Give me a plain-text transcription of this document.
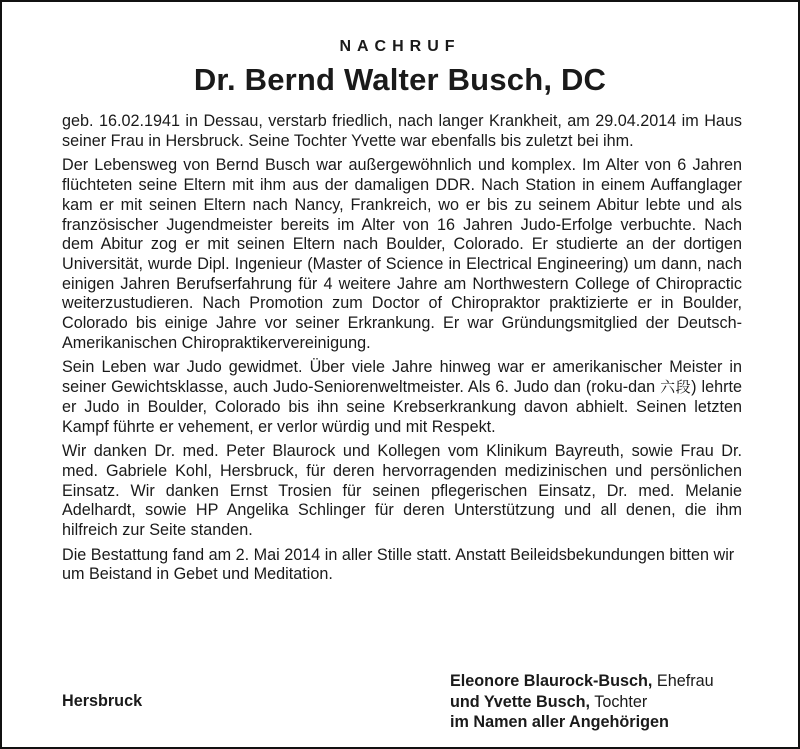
NACHRUF
Dr. Bernd Walter Busch, DC

geb. 16.02.1941 in Dessau, verstarb friedlich, nach langer Krankheit, am 29.04.2014 im Haus seiner Frau in Hersbruck. Seine Tochter Yvette war ebenfalls bis zuletzt bei ihm.

Der Lebensweg von Bernd Busch war außergewöhnlich und komplex. Im Alter von 6 Jahren flüchteten seine Eltern mit ihm aus der damaligen DDR. Nach Station in einem Auffanglager kam er mit seinen Eltern nach Nancy, Frankreich, wo er bis zu seinem Abitur lebte und als französischer Jugendmeister bereits im Alter von 16 Jahren Judo-Erfolge verbuchte. Nach dem Abitur zog er mit seinen Eltern nach Boulder, Colorado. Er studierte an der dortigen Universität, wurde Dipl. Ingenieur (Master of Science in Electrical Engineering) um dann, nach einigen Jahren Berufserfahrung für 4 weitere Jahre am Northwestern College of Chiropractic weiterzustudieren. Nach Promotion zum Doctor of Chiropraktor praktizierte er in Boulder, Colorado bis einige Jahre vor seiner Erkrankung. Er war Gründungsmitglied der Deutsch-Amerikanischen Chiropraktikervereinigung.

Sein Leben war Judo gewidmet. Über viele Jahre hinweg war er amerikanischer Meister in seiner Gewichtsklasse, auch Judo-Seniorenweltmeister. Als 6. Judo dan (roku-dan 六段) lehrte er Judo in Boulder, Colorado bis ihn seine Krebserkrankung davon abhielt. Seinen letzten Kampf führte er vehement, er verlor würdig und mit Respekt.

Wir danken Dr. med. Peter Blaurock und Kollegen vom Klinikum Bayreuth, sowie Frau Dr. med. Gabriele Kohl, Hersbruck, für deren hervorragenden medizinischen und persönlichen Einsatz. Wir danken Ernst Trosien für seinen pflegerischen Einsatz, Dr. med. Melanie Adelhardt, sowie HP Angelika Schlinger für deren Unterstützung und all denen, die ihm hilfreich zur Seite standen.

Die Bestattung fand am 2. Mai 2014 in aller Stille statt. Anstatt Beileidsbekundungen bitten wir um Beistand in Gebet und Meditation.

Hersbruck
Eleonore Blaurock-Busch, Ehefrau
und Yvette Busch, Tochter
im Namen aller Angehörigen
